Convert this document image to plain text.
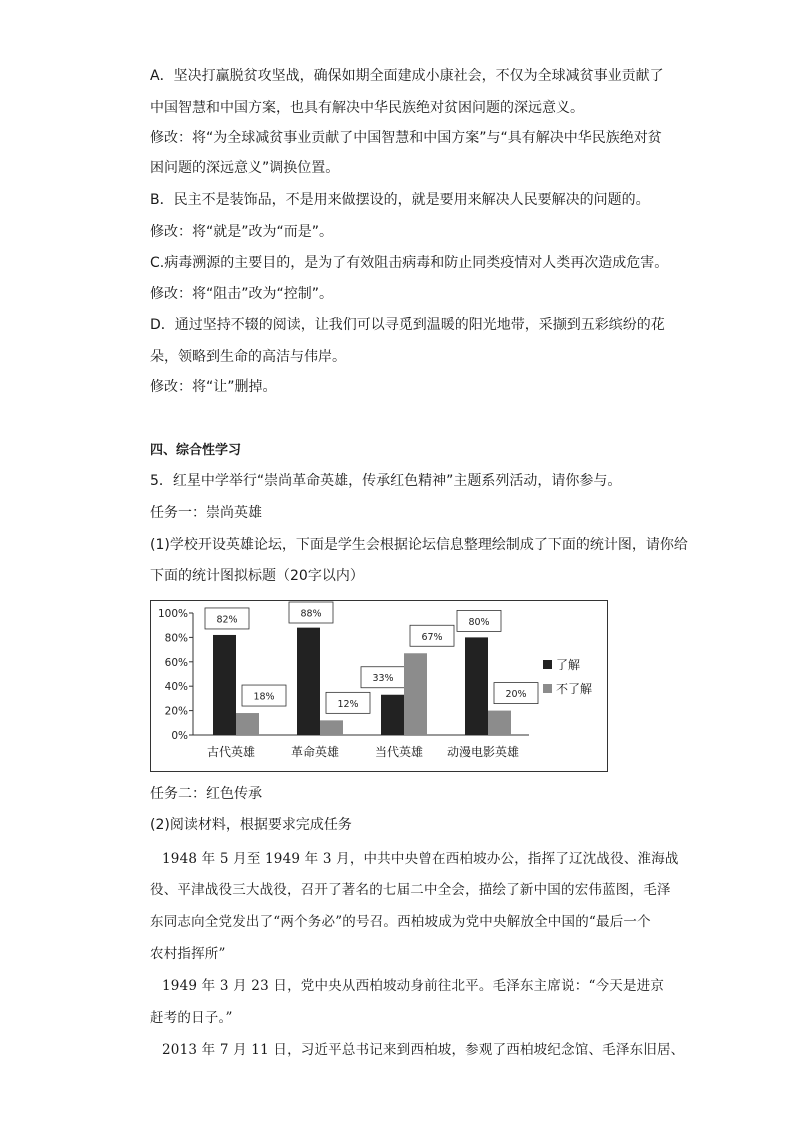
A．坚决打赢脱贫攻坚战，确保如期全面建成小康社会，不仅为全球减贫事业贡献了
中国智慧和中国方案，也具有解决中华民族绝对贫困问题的深远意义。
修改：将“为全球减贫事业贡献了中国智慧和中国方案”与“具有解决中华民族绝对贫
困问题的深远意义”调换位置。
B．民主不是装饰品，不是用来做摆设的，就是要用来解决人民要解决的问题的。
修改：将“就是”改为“而是”。
C.病毒溯源的主要目的，是为了有效阻击病毒和防止同类疫情对人类再次造成危害。
修改：将“阻击”改为“控制”。
D．通过坚持不辍的阅读，让我们可以寻觅到温暖的阳光地带，采撷到五彩缤纷的花
朵，领略到生命的高洁与伟岸。
修改：将“让”删掉。
四、综合性学习
5．红星中学举行“崇尚革命英雄，传承红色精神”主题系列活动，请你参与。
任务一：崇尚英雄
(1)学校开设英雄论坛，下面是学生会根据论坛信息整理绘制成了下面的统计图，请你给
下面的统计图拟标题（20字以内）
0%
20%
40%
60%
80%
100%	82%
18%
古代英雄
88%
12%
革命英雄
33%
67%
当代英雄
80%
20%
动漫电影英雄
了解
不了解
任务二：红色传承
(2)阅读材料，根据要求完成任务
1948 年 5 月至 1949 年 3 月，中共中央曾在西柏坡办公，指挥了辽沈战役、淮海战
役、平津战役三大战役，召开了著名的七届二中全会，描绘了新中国的宏伟蓝图，毛泽
东同志向全党发出了“两个务必”的号召。西柏坡成为党中央解放全中国的“最后一个
农村指挥所”
1949 年 3 月 23 日，党中央从西柏坡动身前往北平。毛泽东主席说：“今天是进京
赶考的日子。”
2013 年 7 月 11 日，习近平总书记来到西柏坡，参观了西柏坡纪念馆、毛泽东旧居、
